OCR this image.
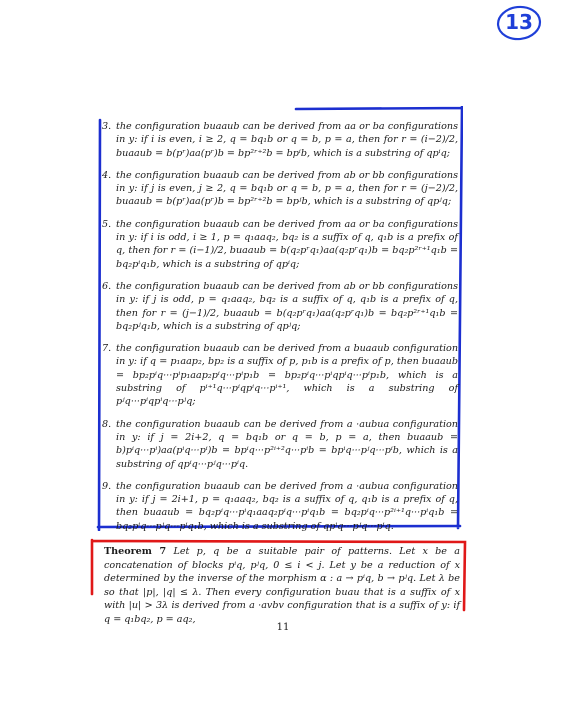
13
3. the configuration buaaub can be derived from aa or ba configurations in y: if i is even, i ≥ 2, q = bq₁b or q = b, p = a, then for r = (i−2)/2, buaaub = b(pʳ)aa(pʳ)b = bp²ʳ⁺²b = bpⁱb, which is a substring of qpⁱq;
4. the configuration buaaub can be derived from ab or bb configurations in y: if j is even, j ≥ 2, q = bq₁b or q = b, p = a, then for r = (j−2)/2, buaaub = b(pʳ)aa(pʳ)b = bp²ʳ⁺²b = bpʲb, which is a substring of qpʲq;
5. the configuration buaaub can be derived from aa or ba configurations in y: if i is odd, i ≥ 1, p = q₁aaq₂, bq₂ is a suffix of q, q₁b is a prefix of q, then for r = (i−1)/2, buaaub = b(q₂pʳq₁)aa(q₂pʳq₁)b = bq₂p²ʳ⁺¹q₁b = bq₂pⁱq₁b, which is a substring of qpⁱq;
6. the configuration buaaub can be derived from ab or bb configurations in y: if j is odd, p = q₁aaq₂, bq₂ is a suffix of q, q₁b is a prefix of q, then for r = (j−1)/2, buaaub = b(q₂pʳq₁)aa(q₂pʳq₁)b = bq₂p²ʳ⁺¹q₁b = bq₂pʲq₁b, which is a substring of qpʲq;
7. the configuration buaaub can be derived from a buaaub configuration in y: if q = p₁aap₂, bp₂ is a suffix of p, p₁b is a prefix of p, then buaaub = bp₂pⁱq···pⁱp₁aap₂pⁱq···pⁱp₁b = bp₂pⁱq···pⁱqpⁱq···pⁱp₁b, which is a substring of pⁱ⁺¹q···pⁱqpⁱq···pⁱ⁺¹, which is a substring of pʲq···pⁱqpⁱq···pʲq;
8. the configuration buaaub can be derived from a ·aubua configuration in y: if j = 2i+2, q = bq₁b or q = b, p = a, then buaaub = b)pⁱq···pⁱ)aa(pⁱq···pⁱ)b = bpⁱq···p²ⁱ⁺²q···pⁱb = bpⁱq···pʲq···pⁱb, which is a substring of qpⁱq···pʲq···pⁱq.
9. the configuration buaaub can be derived from a ·aubua configuration in y: if j = 2i+1, p = q₁aaq₂, bq₂ is a suffix of q, q₁b is a prefix of q, then buaaub = bq₂pⁱq···pⁱq₁aaq₂pⁱq···pⁱq₁b = bq₂pⁱq···p²ⁱ⁺¹q···pⁱq₁b = bq₂pⁱq···pʲq···pⁱq₁b, which is a substring of qpⁱq···pʲq···pⁱq.
Theorem 7 Let p, q be a suitable pair of patterns. Let x be a concatenation of blocks pⁱq, pʲq, 0 ≤ i < j. Let y be a reduction of x determined by the inverse of the morphism α : a → pⁱq, b → pʲq. Let λ be so that |p|, |q| ≤ λ. Then every configuration buau that is a suffix of x with |u| > 3λ is derived from a ·avbv configuration that is a suffix of y: if q = q₁bq₂, p = aq₂,
11
